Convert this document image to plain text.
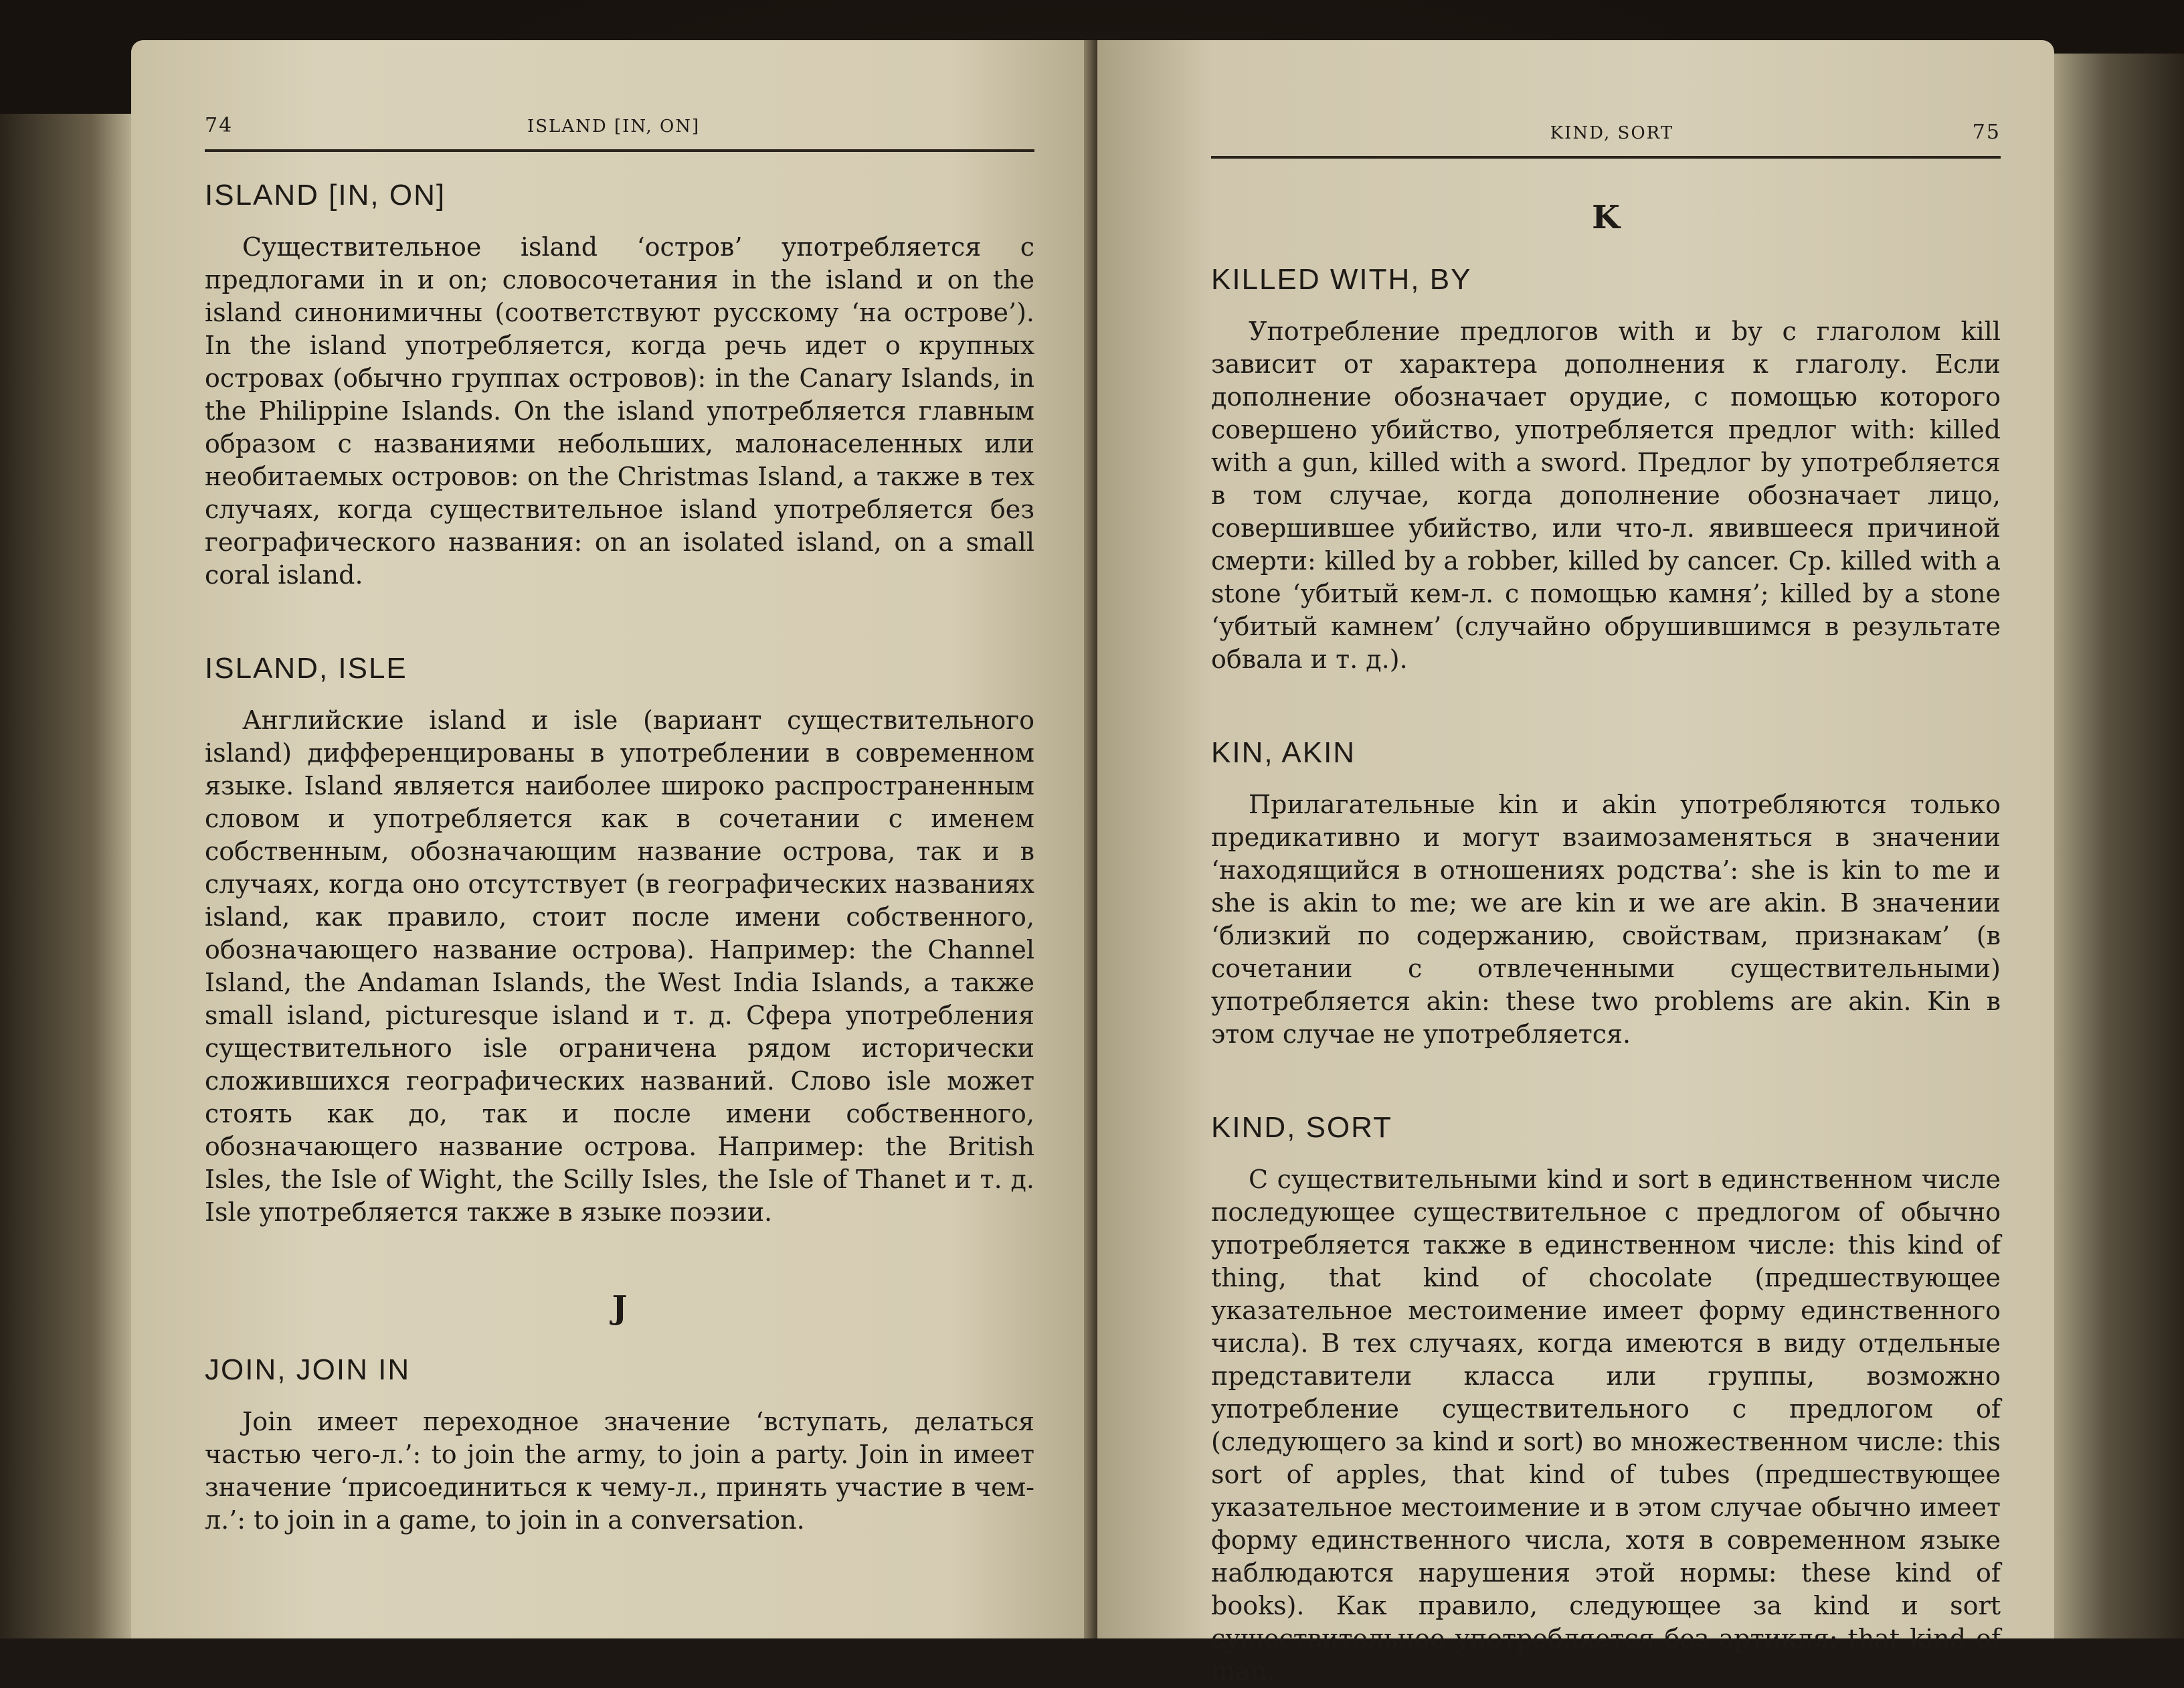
74	ISLAND [IN, ON]
ISLAND [IN, ON]

Существительное island ‘остров’ употребляется с предлогами in и on; словосочетания in the island и on the island синонимичны (соответствуют русскому ‘на острове’). In the island употребляется, когда речь идет о крупных островах (обычно группах островов): in the Canary Islands, in the Philippine Islands. On the island употребляется главным образом с названиями небольших, малонаселенных или необитаемых островов: on the Christmas Island, а также в тех случаях, когда существительное island употребляется без географического названия: on an isolated island, on a small coral island.

ISLAND, ISLE

Английские island и isle (вариант существительного island) дифференцированы в употреблении в современном языке. Island является наиболее широко распространенным словом и употребляется как в сочетании с именем собственным, обозначающим название острова, так и в случаях, когда оно отсутствует (в географических названиях island, как правило, стоит после имени собственного, обозначающего название острова). Например: the Channel Island, the Andaman Islands, the West India Islands, а также small island, picturesque island и т. д. Сфера употребления существительного isle ограничена рядом исторически сложившихся географических названий. Слово isle может стоять как до, так и после имени собственного, обозначающего название острова. Например: the British Isles, the Isle of Wight, the Scilly Isles, the Isle of Thanet и т. д. Isle употребляется также в языке поэзии.

J
JOIN, JOIN IN

Join имеет переходное значение ‘вступать, делаться частью чего-л.’: to join the army, to join a party. Join in имеет значение ‘присоединиться к чему-л., принять участие в чем-л.’: to join in a game, to join in a conversation.

KIND, SORT	75
K
KILLED WITH, BY

Употребление предлогов with и by с глаголом kill зависит от характера дополнения к глаголу. Если дополнение обозначает орудие, с помощью которого совершено убийство, употребляется предлог with: killed with a gun, killed with a sword. Предлог by употребляется в том случае, когда дополнение обозначает лицо, совершившее убийство, или что-л. явившееся причиной смерти: killed by a robber, killed by cancer. Ср. killed with a stone ‘убитый кем-л. с помощью камня’; killed by a stone ‘убитый камнем’ (случайно обрушившимся в результате обвала и т. д.).

KIN, AKIN

Прилагательные kin и akin употребляются только предикативно и могут взаимозаменяться в значении ‘находящийся в отношениях родства’: she is kin to me и she is akin to me; we are kin и we are akin. В значении ‘близкий по содержанию, свойствам, признакам’ (в сочетании с отвлеченными существительными) употребляется akin: these two problems are akin. Kin в этом случае не употребляется.

KIND, SORT

С существительными kind и sort в единственном числе последующее существительное с предлогом of обычно употребляется также в единственном числе: this kind of thing, that kind of chocolate (предшествующее указательное местоимение имеет форму единственного числа). В тех случаях, когда имеются в виду отдельные представители класса или группы, возможно употребление существительного с предлогом of (следующего за kind и sort) во множественном числе: this sort of apples, that kind of tubes (предшествующее указательное местоимение и в этом случае обычно имеет форму единственного числа, хотя в современном языке наблюдаются нарушения этой нормы: these kind of books). Как правило, следующее за kind и sort существительное употребляется без артикля: that kind of man.
